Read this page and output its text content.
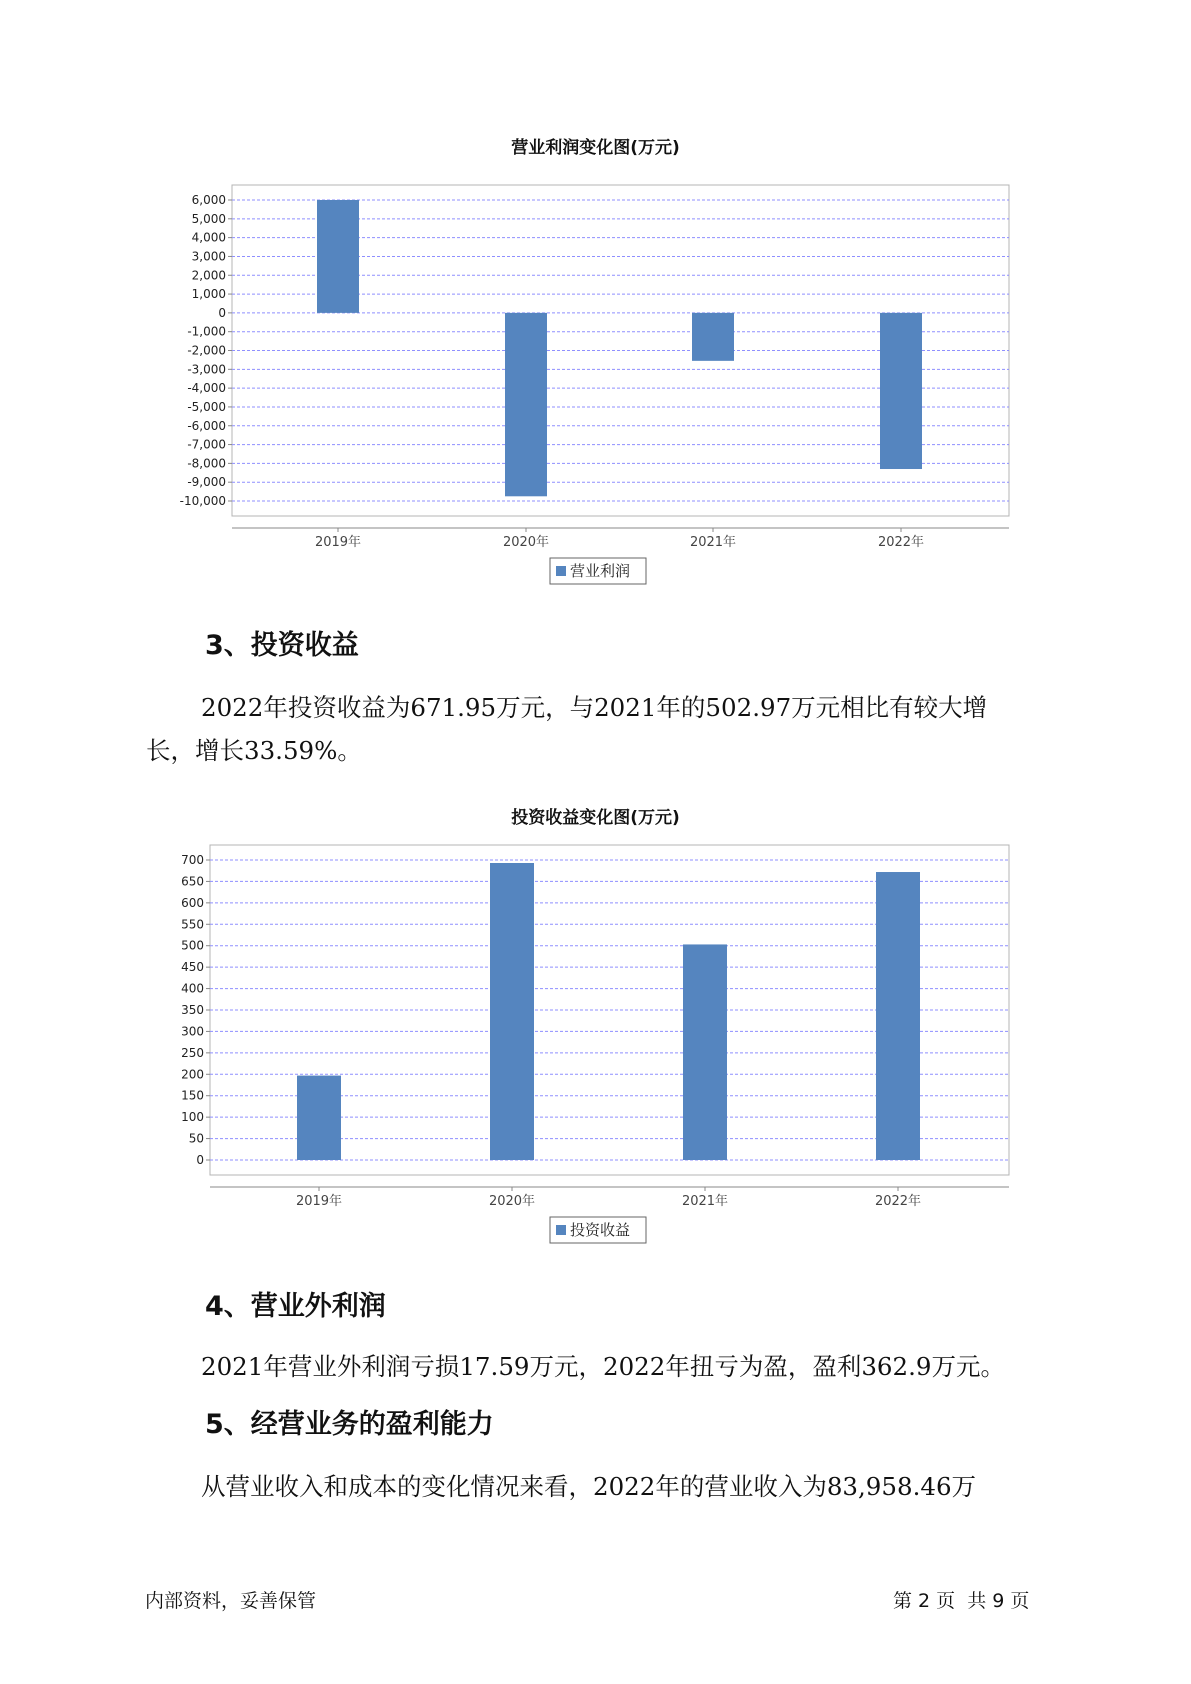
营业利润变化图(万元)
6,000
5,000
4,000
3,000
2,000
1,000
0
-1,000
-2,000
-3,000
-4,000
-5,000
-6,000
-7,000
-8,000
-9,000
-10,000
2019年	2020年	2021年	2022年
营业利润
3、投资收益
2022年投资收益为671.95万元，与2021年的502.97万元相比有较大增
长，增长33.59%。
投资收益变化图(万元)
700
650
600
550
500
450
400
350
300
250
200
150
100
50
0
2019年	2020年	2021年	2022年
投资收益
4、营业外利润
2021年营业外利润亏损17.59万元，2022年扭亏为盈，盈利362.9万元。
5、经营业务的盈利能力
从营业收入和成本的变化情况来看，2022年的营业收入为83,958.46万
内部资料，妥善保管	第 2 页  共 9 页
